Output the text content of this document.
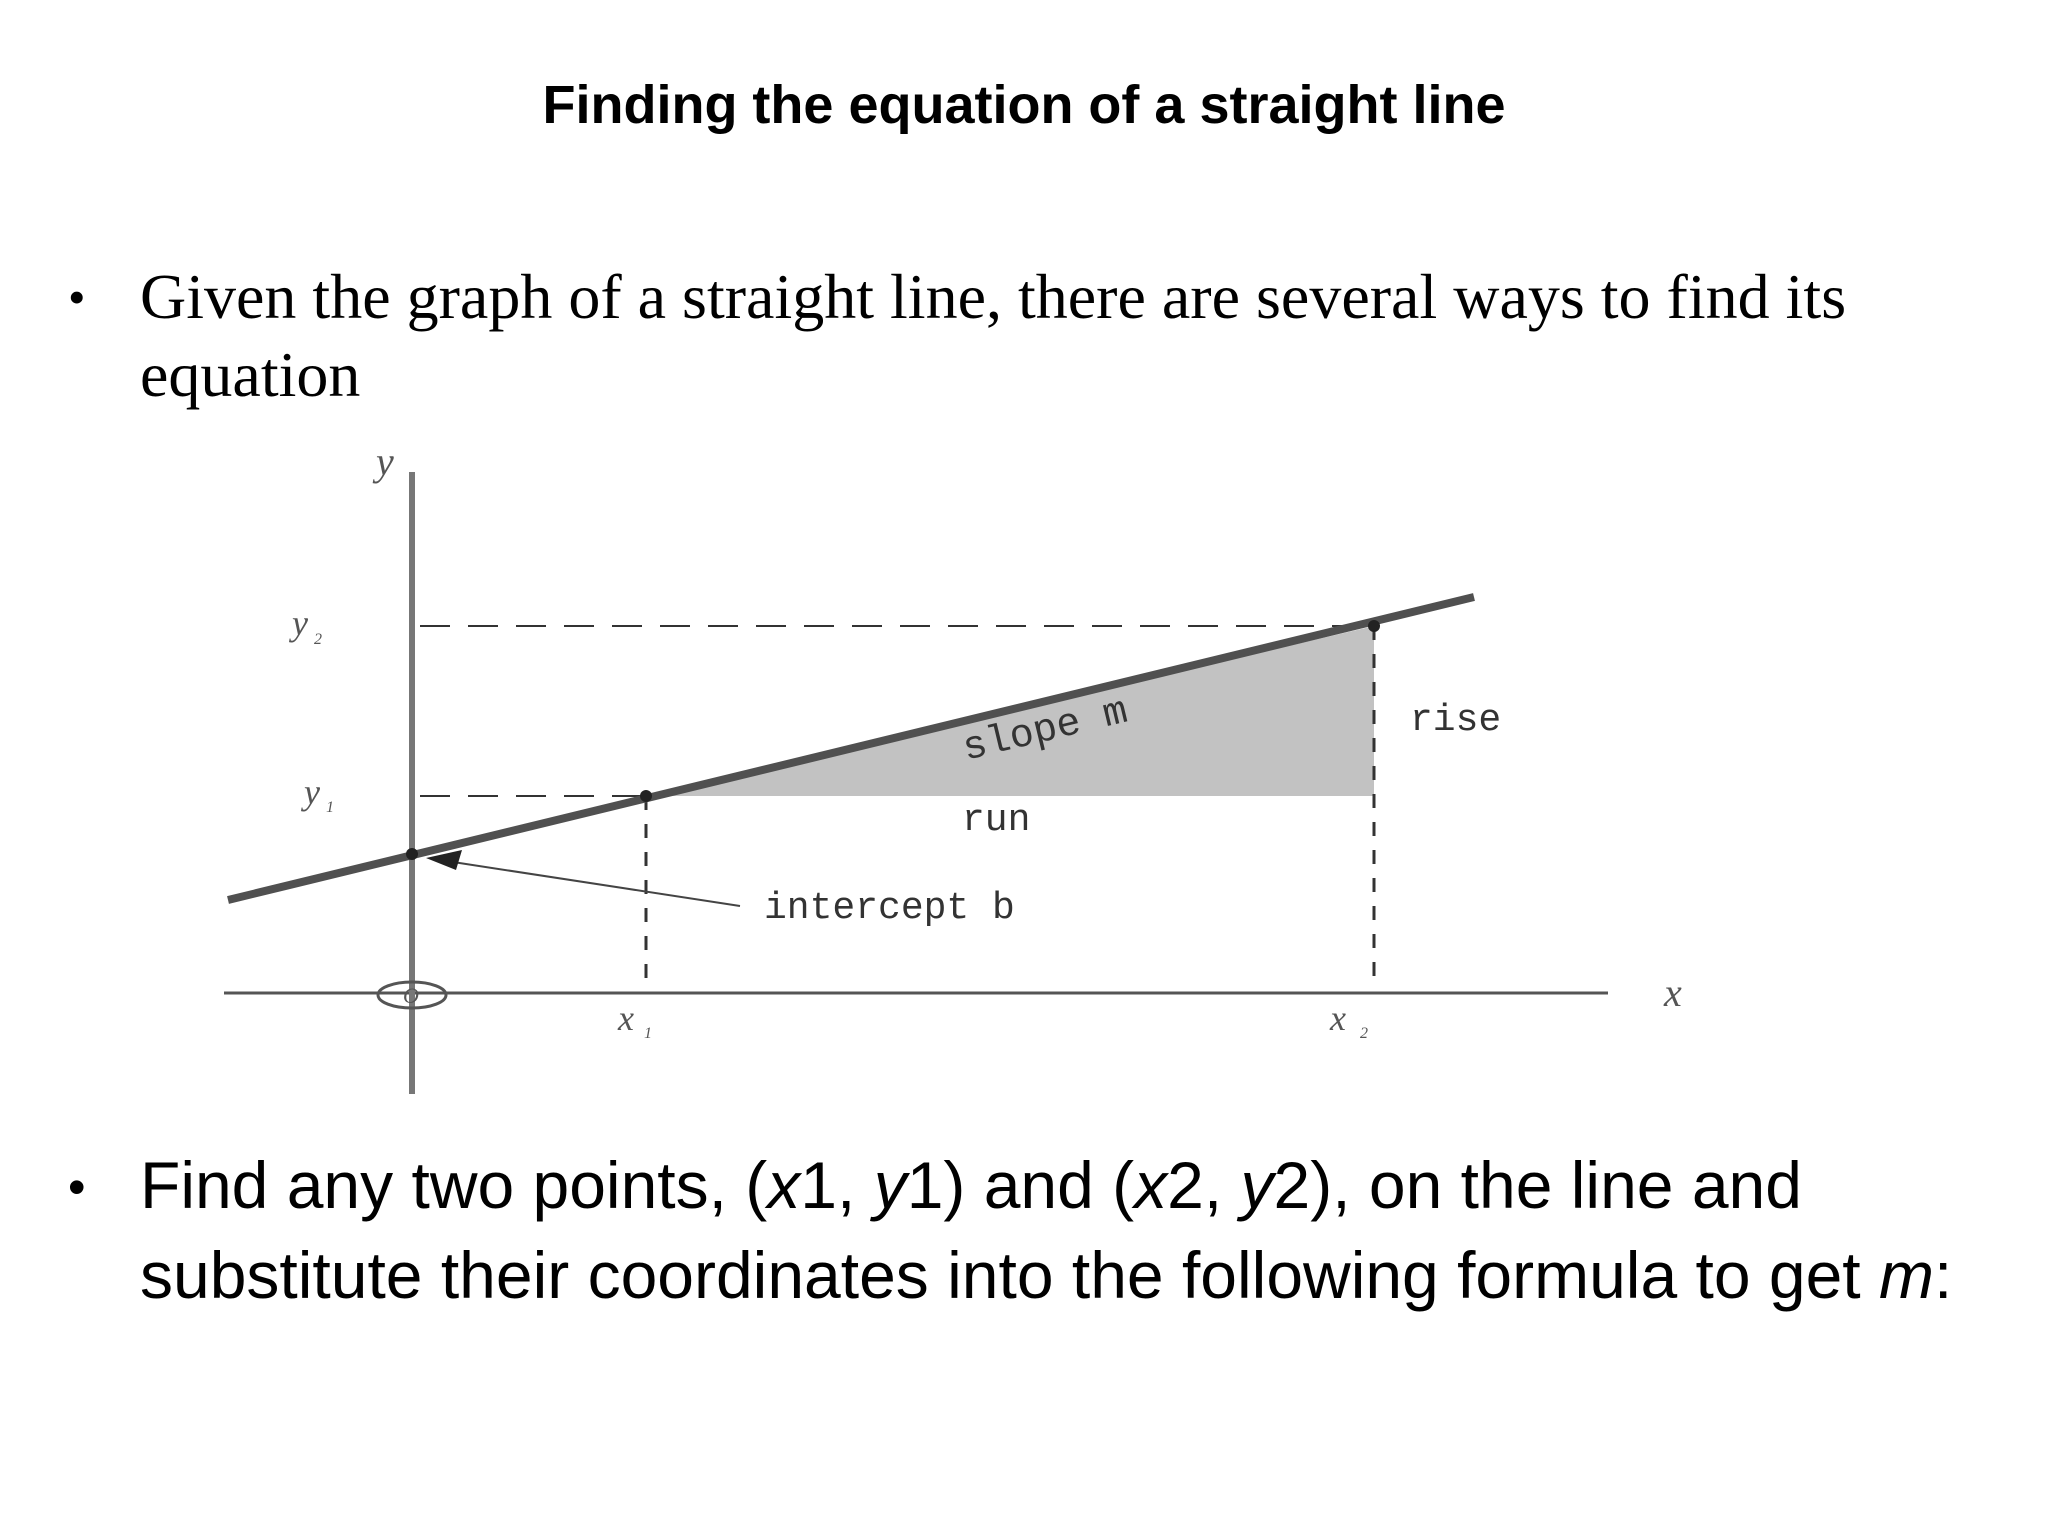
Finding the equation of a straight line
• Given the graph of a straight line, there are several ways to find its equation
y
x
y 2
y 1
x 1	x 2
O
slope m	rise
run
intercept b
• Find any two points, (x1, y1) and (x2, y2), on the line and substitute their coordinates into the following formula to get m:
